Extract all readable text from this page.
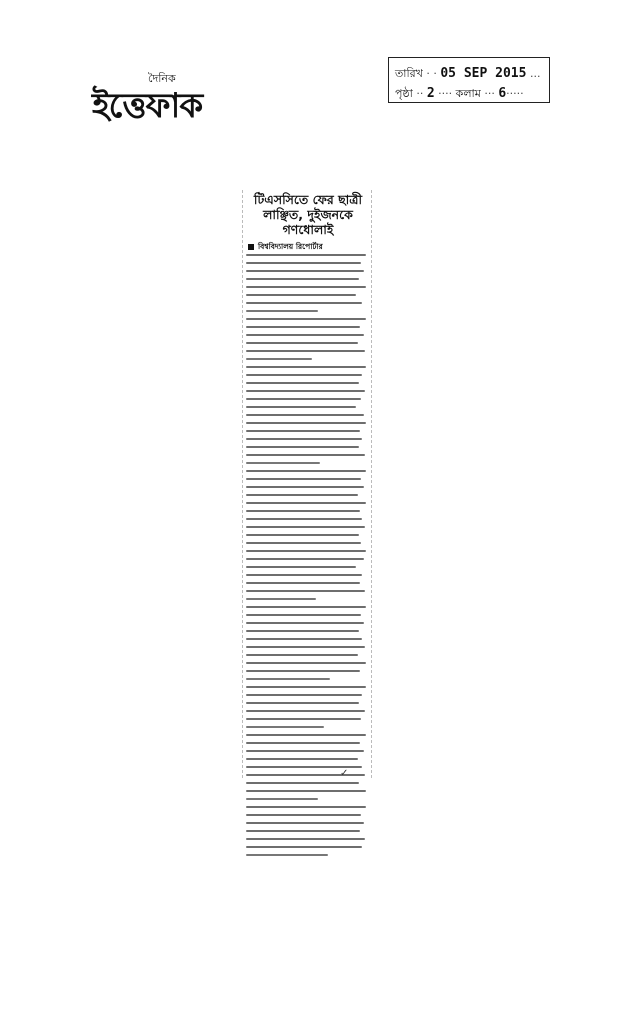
দৈনিক
ইত্তেফাক
তারিখ · · 05 SEP 2015 ...
পৃষ্ঠা ·· 2 ···· কলাম ··· 6·····
টিএসসিতে ফের ছাত্রী
লাঞ্ছিত, দুইজনকে
গণধোলাই
বিশ্ববিদ্যালয় রিপোর্টার
✓
